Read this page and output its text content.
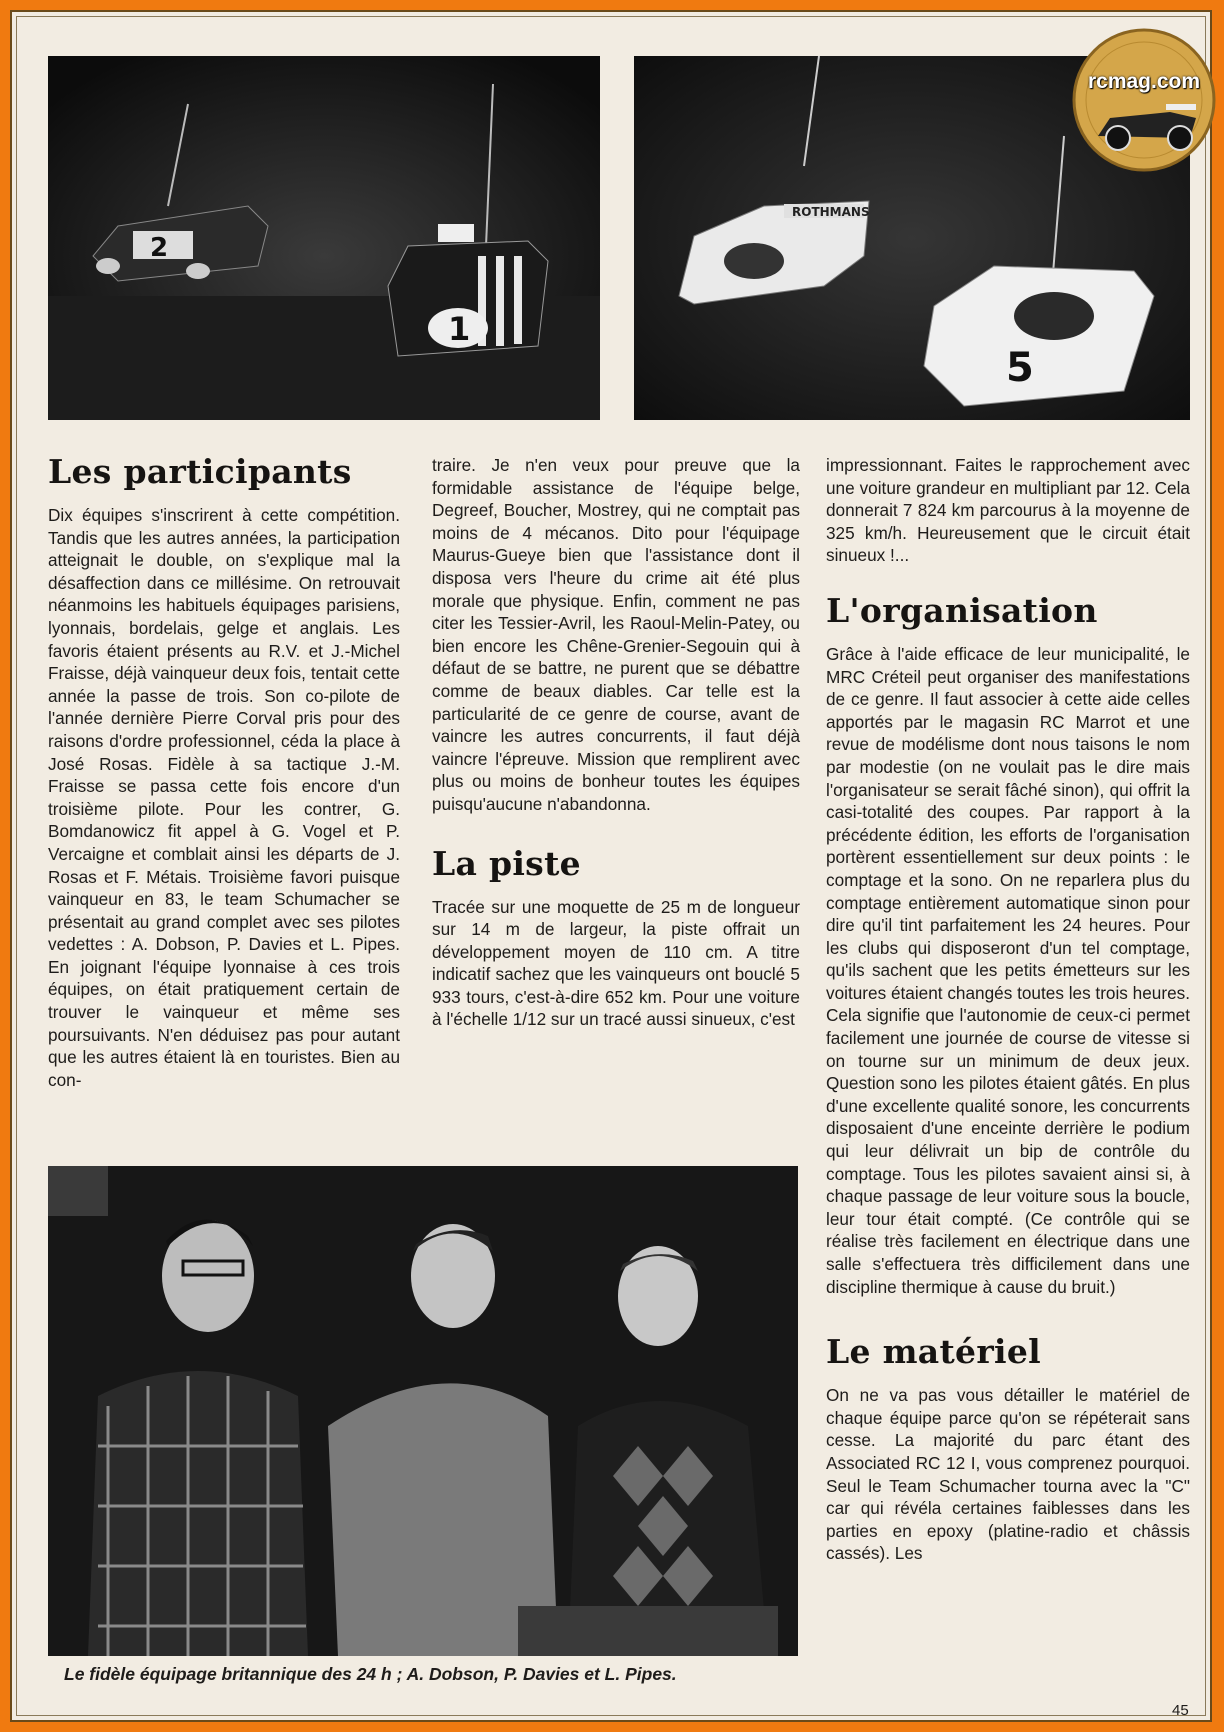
2
1
ROTHMANS
5
rcmag.com
Les participants

Dix équipes s'inscrirent à cette compétition. Tandis que les autres années, la participation atteignait le double, on s'explique mal la désaffection dans ce millésime. On retrouvait néanmoins les habituels équipages parisiens, lyonnais, bordelais, gelge et anglais. Les favoris étaient présents au R.V. et J.-Michel Fraisse, déjà vainqueur deux fois, tentait cette année la passe de trois. Son co-pilote de l'année dernière Pierre Corval pris pour des raisons d'ordre professionnel, céda la place à José Rosas. Fidèle à sa tactique J.-M. Fraisse se passa cette fois encore d'un troisième pilote. Pour les contrer, G. Bomdanowicz fit appel à G. Vogel et P. Vercaigne et comblait ainsi les départs de J. Rosas et F. Métais. Troisième favori puisque vainqueur en 83, le team Schumacher se présentait au grand complet avec ses pilotes vedettes : A. Dobson, P. Davies et L. Pipes. En joignant l'équipe lyonnaise à ces trois équipes, on était pratiquement certain de trouver le vainqueur et même ses poursuivants. N'en déduisez pas pour autant que les autres étaient là en touristes. Bien au con-

traire. Je n'en veux pour preuve que la formidable assistance de l'équipe belge, Degreef, Boucher, Mostrey, qui ne comptait pas moins de 4 mécanos. Dito pour l'équipage Maurus-Gueye bien que l'assistance dont il disposa vers l'heure du crime ait été plus morale que physique. Enfin, comment ne pas citer les Tessier-Avril, les Raoul-Melin-Patey, ou bien encore les Chêne-Grenier-Segouin qui à défaut de se battre, ne purent que se débattre comme de beaux diables. Car telle est la particularité de ce genre de course, avant de vaincre les autres concurrents, il faut déjà vaincre l'épreuve. Mission que remplirent avec plus ou moins de bonheur toutes les équipes puisqu'aucune n'abandonna.

La piste

Tracée sur une moquette de 25 m de longueur sur 14 m de largeur, la piste offrait un développement moyen de 110 cm. A titre indicatif sachez que les vainqueurs ont bouclé 5 933 tours, c'est-à-dire 652 km. Pour une voiture à l'échelle 1/12 sur un tracé aussi sinueux, c'est

impressionnant. Faites le rapprochement avec une voiture grandeur en multipliant par 12. Cela donnerait 7 824 km parcourus à la moyenne de 325 km/h. Heureusement que le circuit était sinueux !...

L'organisation

Grâce à l'aide efficace de leur municipalité, le MRC Créteil peut organiser des manifestations de ce genre. Il faut associer à cette aide celles apportés par le magasin RC Marrot et une revue de modélisme dont nous taisons le nom par modestie (on ne voulait pas le dire mais l'organisateur se serait fâché sinon), qui offrit la casi-totalité des coupes. Par rapport à la précédente édition, les efforts de l'organisation portèrent essentiellement sur deux points : le comptage et la sono. On ne reparlera plus du comptage entièrement automatique sinon pour dire qu'il tint parfaitement les 24 heures. Pour les clubs qui disposeront d'un tel comptage, qu'ils sachent que les petits émetteurs sur les voitures étaient changés toutes les trois heures. Cela signifie que l'autonomie de ceux-ci permet facilement une journée de course de vitesse si on tourne sur un minimum de deux jeux. Question sono les pilotes étaient gâtés. En plus d'une excellente qualité sonore, les concurrents disposaient d'une enceinte derrière le podium qui leur délivrait un bip de contrôle du comptage. Tous les pilotes savaient ainsi si, à chaque passage de leur voiture sous la boucle, leur tour était compté. (Ce contrôle qui se réalise très facilement en électrique dans une salle s'effectuera très difficilement dans une discipline thermique à cause du bruit.)

Le matériel

On ne va pas vous détailler le matériel de chaque équipe parce qu'on se répéterait sans cesse. La majorité du parc étant des Associated RC 12 I, vous comprenez pourquoi. Seul le Team Schumacher tourna avec la "C" car qui révéla certaines faiblesses dans les parties en epoxy (platine-radio et châssis cassés). Les

Le fidèle équipage britannique des 24 h ; A. Dobson, P. Davies et L. Pipes.
45
